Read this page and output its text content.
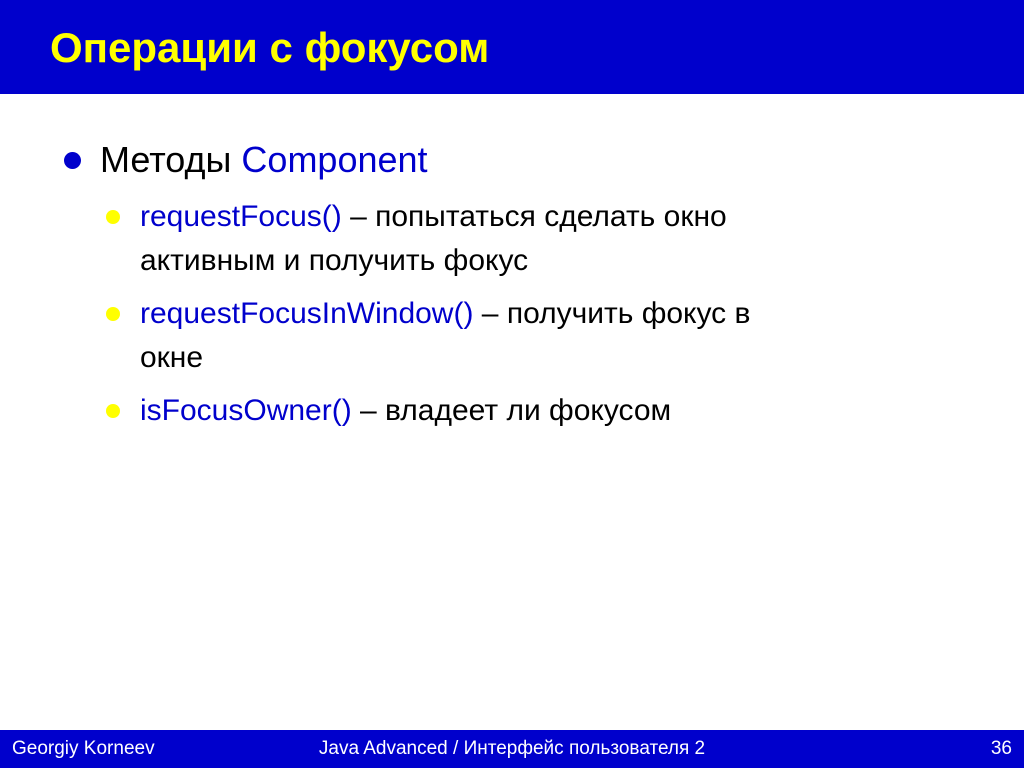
Операции с фокусом
Методы Component
requestFocus() – попытаться сделать окно
активным и получить фокус
requestFocusInWindow() – получить фокус в
окне
isFocusOwner() – владеет ли фокусом
Georgiy Korneev	Java Advanced / Интерфейс пользователя 2	36
